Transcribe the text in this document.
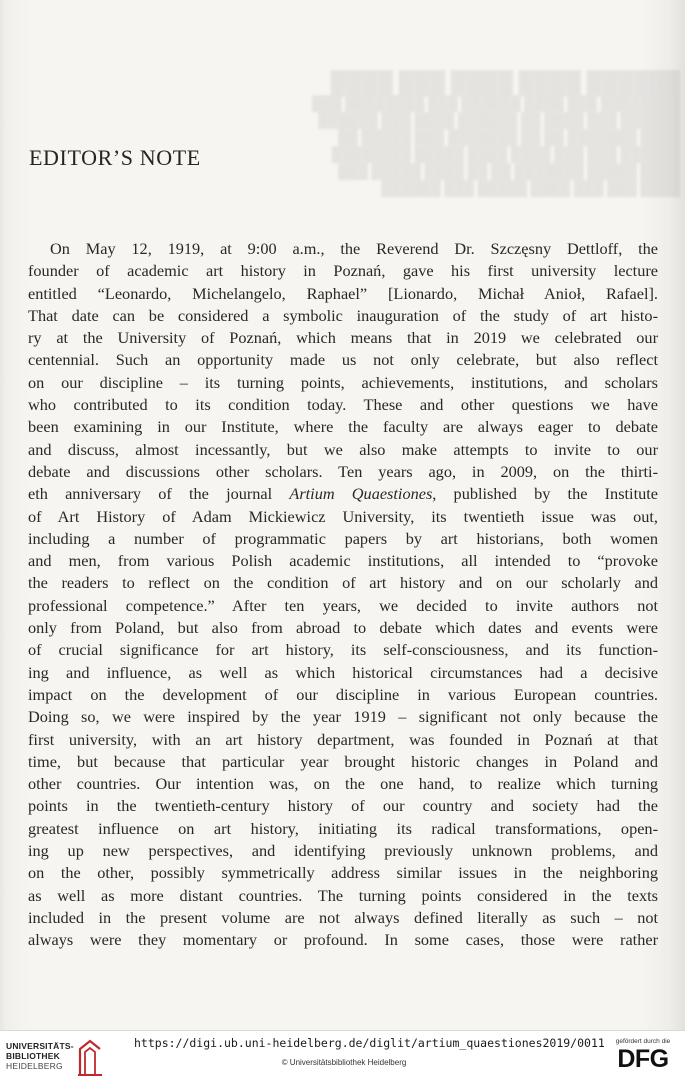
██████ ████ ████ ███ ████
████████ ███ ████ ██████ ███ ████████ ███
██████ ███ ████ ██ ██████ ████ ███ ██████
████ ███████ ██ ██ ███████ ███ █████ ██
██████ ███ ███ ████ ████ █████ ████████
████ █████ ███████ ██ ██ ████ █████ ███
████ ███ ███ ████ █████ ███ ██████
EDITOR’S NOTE
On May 12, 1919, at 9:00 a.m., the Reverend Dr. Szczęsny Dettloff, the
founder of academic art history in Poznań, gave his first university lecture
entitled “Leonardo, Michelangelo, Raphael” [Lionardo, Michał Anioł, Rafael].
That date can be considered a symbolic inauguration of the study of art histo-
ry at the University of Poznań, which means that in 2019 we celebrated our
centennial. Such an opportunity made us not only celebrate, but also reflect
on our discipline – its turning points, achievements, institutions, and scholars
who contributed to its condition today. These and other questions we have
been examining in our Institute, where the faculty are always eager to debate
and discuss, almost incessantly, but we also make attempts to invite to our
debate and discussions other scholars. Ten years ago, in 2009, on the thirti-
eth anniversary of the journal Artium Quaestiones, published by the Institute
of Art History of Adam Mickiewicz University, its twentieth issue was out,
including a number of programmatic papers by art historians, both women
and men, from various Polish academic institutions, all intended to “provoke
the readers to reflect on the condition of art history and on our scholarly and
professional competence.” After ten years, we decided to invite authors not
only from Poland, but also from abroad to debate which dates and events were
of crucial significance for art history, its self-consciousness, and its function-
ing and influence, as well as which historical circumstances had a decisive
impact on the development of our discipline in various European countries.
Doing so, we were inspired by the year 1919 – significant not only because the
first university, with an art history department, was founded in Poznań at that
time, but because that particular year brought historic changes in Poland and
other countries. Our intention was, on the one hand, to realize which turning
points in the twentieth-century history of our country and society had the
greatest influence on art history, initiating its radical transformations, open-
ing up new perspectives, and identifying previously unknown problems, and
on the other, possibly symmetrically address similar issues in the neighboring
as well as more distant countries. The turning points considered in the texts
included in the present volume are not always defined literally as such – not
always were they momentary or profound. In some cases, those were rather
UNIVERSITÄTS-
BIBLIOTHEK
HEIDELBERG
https://digi.ub.uni-heidelberg.de/diglit/artium_quaestiones2019/0011
© Universitätsbibliothek Heidelberg
gefördert durch die
DFG
